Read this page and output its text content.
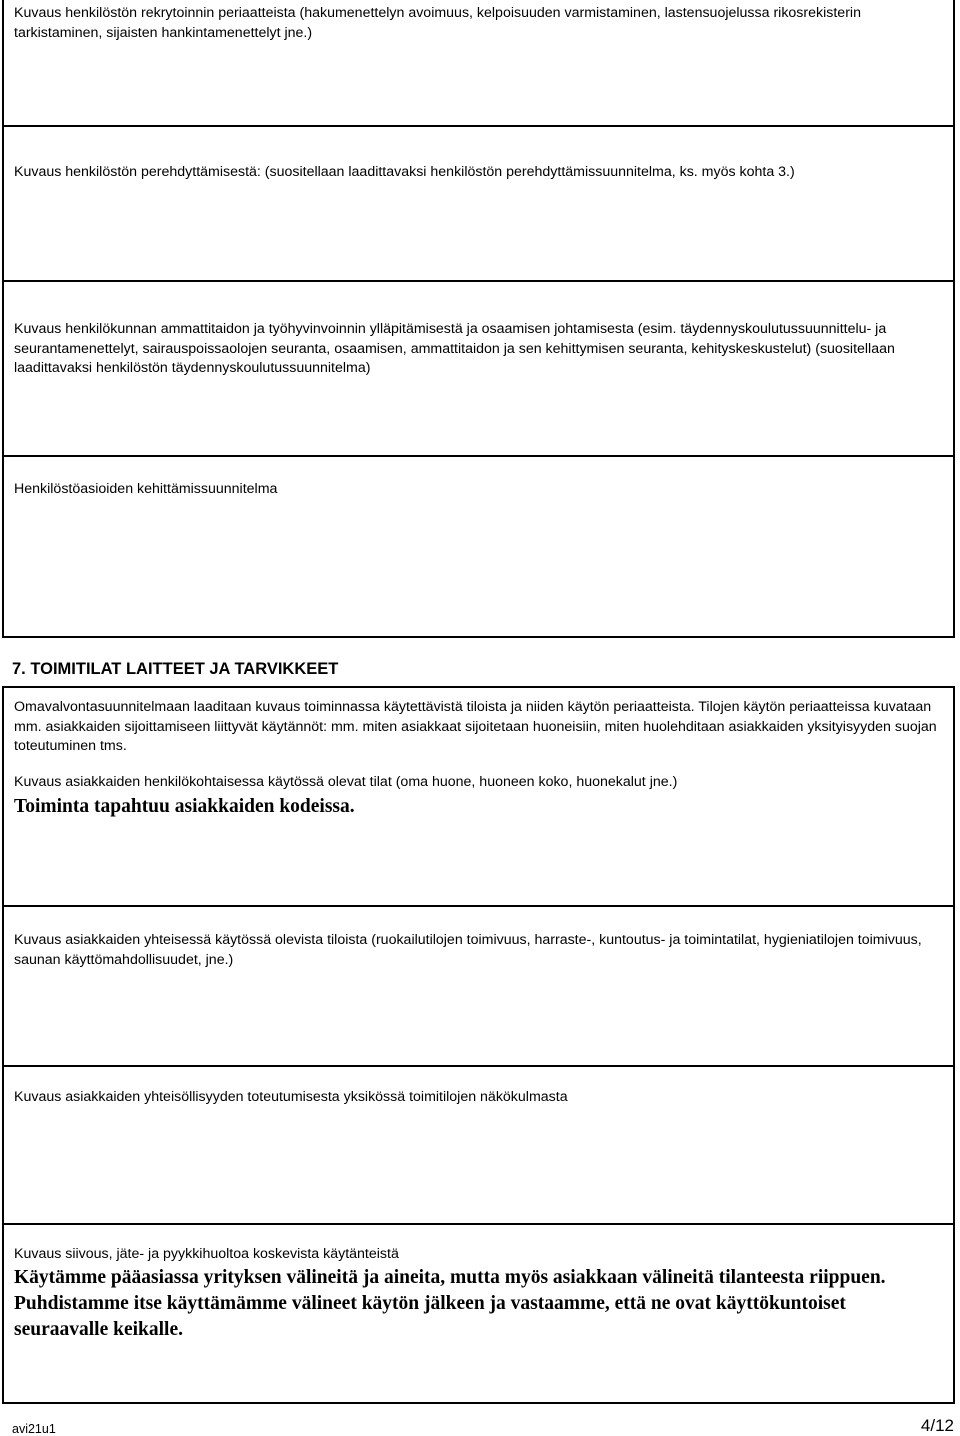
Kuvaus henkilöstön rekrytoinnin periaatteista (hakumenettelyn avoimuus, kelpoisuuden varmistaminen, lastensuojelussa rikosrekisterin tarkistaminen, sijaisten hankintamenettelyt jne.)

Kuvaus henkilöstön perehdyttämisestä: (suositellaan laadittavaksi henkilöstön perehdyttämissuunnitelma, ks. myös kohta 3.)

Kuvaus henkilökunnan ammattitaidon ja työhyvinvoinnin ylläpitämisestä ja osaamisen johtamisesta (esim. täydennyskoulutussuunnittelu- ja seurantamenettelyt, sairauspoissaolojen seuranta, osaamisen, ammattitaidon ja sen kehittymisen seuranta, kehityskeskustelut) (suositellaan laadittavaksi henkilöstön täydennyskoulutussuunnitelma)

Henkilöstöasioiden kehittämissuunnitelma

7. TOIMITILAT LAITTEET JA TARVIKKEET

Omavalvontasuunnitelmaan laaditaan kuvaus toiminnassa käytettävistä tiloista ja niiden käytön periaatteista. Tilojen käytön periaatteissa kuvataan mm. asiakkaiden sijoittamiseen liittyvät käytännöt: mm. miten asiakkaat sijoitetaan huoneisiin, miten huolehditaan asiakkaiden yksityisyyden suojan toteutuminen tms.

Kuvaus asiakkaiden henkilökohtaisessa käytössä olevat tilat (oma huone, huoneen koko, huonekalut jne.)

Toiminta tapahtuu asiakkaiden kodeissa.

Kuvaus asiakkaiden yhteisessä käytössä olevista tiloista (ruokailutilojen toimivuus, harraste-, kuntoutus- ja toimintatilat, hygieniatilojen toimivuus, saunan käyttömahdollisuudet, jne.)

Kuvaus asiakkaiden yhteisöllisyyden toteutumisesta yksikössä toimitilojen näkökulmasta

Kuvaus siivous, jäte- ja pyykkihuoltoa koskevista käytänteistä

Käytämme pääasiassa yrityksen välineitä ja aineita, mutta myös asiakkaan välineitä tilanteesta riippuen. Puhdistamme itse käyttämämme välineet käytön jälkeen ja vastaamme, että ne ovat käyttökuntoiset seuraavalle keikalle.

avi21u1	4/12
